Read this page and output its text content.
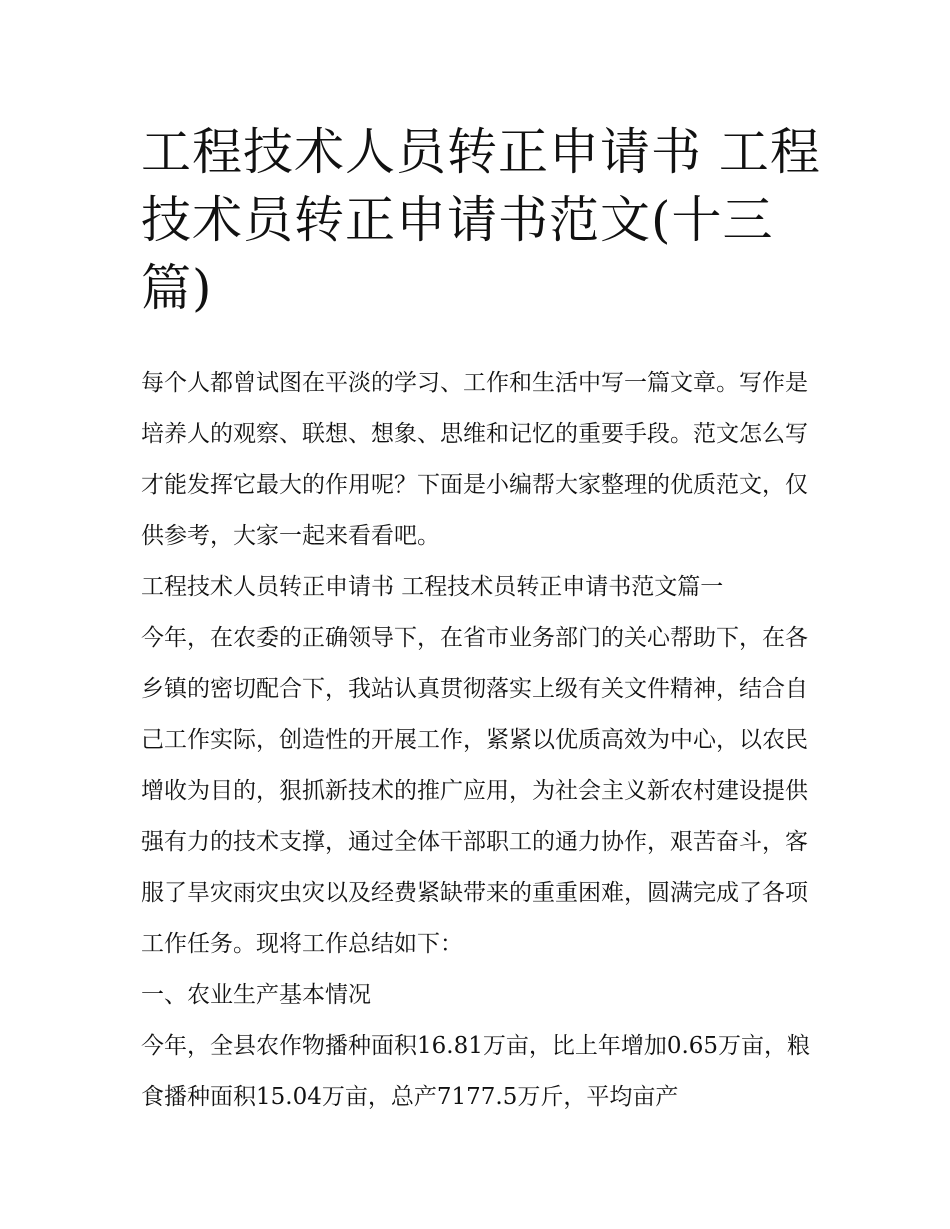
工程技术人员转正申请书 工程技术员转正申请书范文(十三篇)

每个人都曾试图在平淡的学习、工作和生活中写一篇文章。写作是培养人的观察、联想、想象、思维和记忆的重要手段。范文怎么写才能发挥它最大的作用呢？下面是小编帮大家整理的优质范文，仅供参考，大家一起来看看吧。

工程技术人员转正申请书 工程技术员转正申请书范文篇一

今年，在农委的正确领导下，在省市业务部门的关心帮助下，在各乡镇的密切配合下，我站认真贯彻落实上级有关文件精神，结合自己工作实际，创造性的开展工作，紧紧以优质高效为中心，以农民增收为目的，狠抓新技术的推广应用，为社会主义新农村建设提供强有力的技术支撑，通过全体干部职工的通力协作，艰苦奋斗，客服了旱灾雨灾虫灾以及经费紧缺带来的重重困难，圆满完成了各项工作任务。现将工作总结如下：

一、农业生产基本情况

今年，全县农作物播种面积16.81万亩，比上年增加0.65万亩，粮食播种面积15.04万亩，总产7177.5万斤，平均亩产
